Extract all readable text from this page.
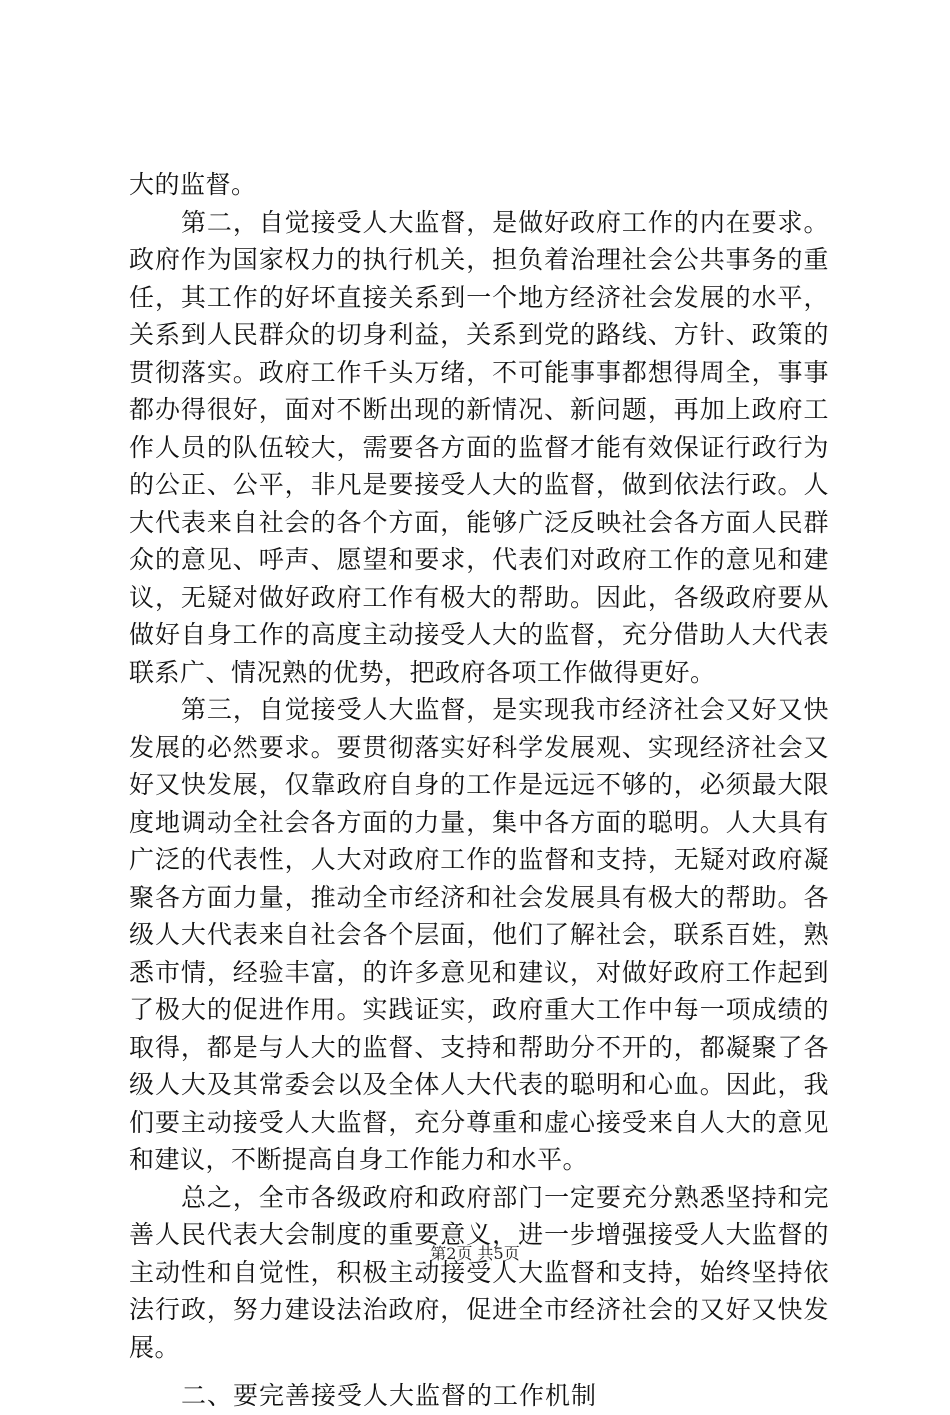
大的监督。

第二，自觉接受人大监督，是做好政府工作的内在要求。政府作为国家权力的执行机关，担负着治理社会公共事务的重任，其工作的好坏直接关系到一个地方经济社会发展的水平，关系到人民群众的切身利益，关系到党的路线、方针、政策的贯彻落实。政府工作千头万绪，不可能事事都想得周全，事事都办得很好，面对不断出现的新情况、新问题，再加上政府工作人员的队伍较大，需要各方面的监督才能有效保证行政行为的公正、公平，非凡是要接受人大的监督，做到依法行政。人大代表来自社会的各个方面，能够广泛反映社会各方面人民群众的意见、呼声、愿望和要求，代表们对政府工作的意见和建议，无疑对做好政府工作有极大的帮助。因此，各级政府要从做好自身工作的高度主动接受人大的监督，充分借助人大代表联系广、情况熟的优势，把政府各项工作做得更好。

第三，自觉接受人大监督，是实现我市经济社会又好又快发展的必然要求。要贯彻落实好科学发展观、实现经济社会又好又快发展，仅靠政府自身的工作是远远不够的，必须最大限度地调动全社会各方面的力量，集中各方面的聪明。人大具有广泛的代表性，人大对政府工作的监督和支持，无疑对政府凝聚各方面力量，推动全市经济和社会发展具有极大的帮助。各级人大代表来自社会各个层面，他们了解社会，联系百姓，熟悉市情，经验丰富，的许多意见和建议，对做好政府工作起到了极大的促进作用。实践证实，政府重大工作中每一项成绩的取得，都是与人大的监督、支持和帮助分不开的，都凝聚了各级人大及其常委会以及全体人大代表的聪明和心血。因此，我们要主动接受人大监督，充分尊重和虚心接受来自人大的意见和建议，不断提高自身工作能力和水平。

总之，全市各级政府和政府部门一定要充分熟悉坚持和完善人民代表大会制度的重要意义，进一步增强接受人大监督的主动性和自觉性，积极主动接受人大监督和支持，始终坚持依法行政，努力建设法治政府，促进全市经济社会的又好又快发展。

二、要完善接受人大监督的工作机制

第2页 共5页
